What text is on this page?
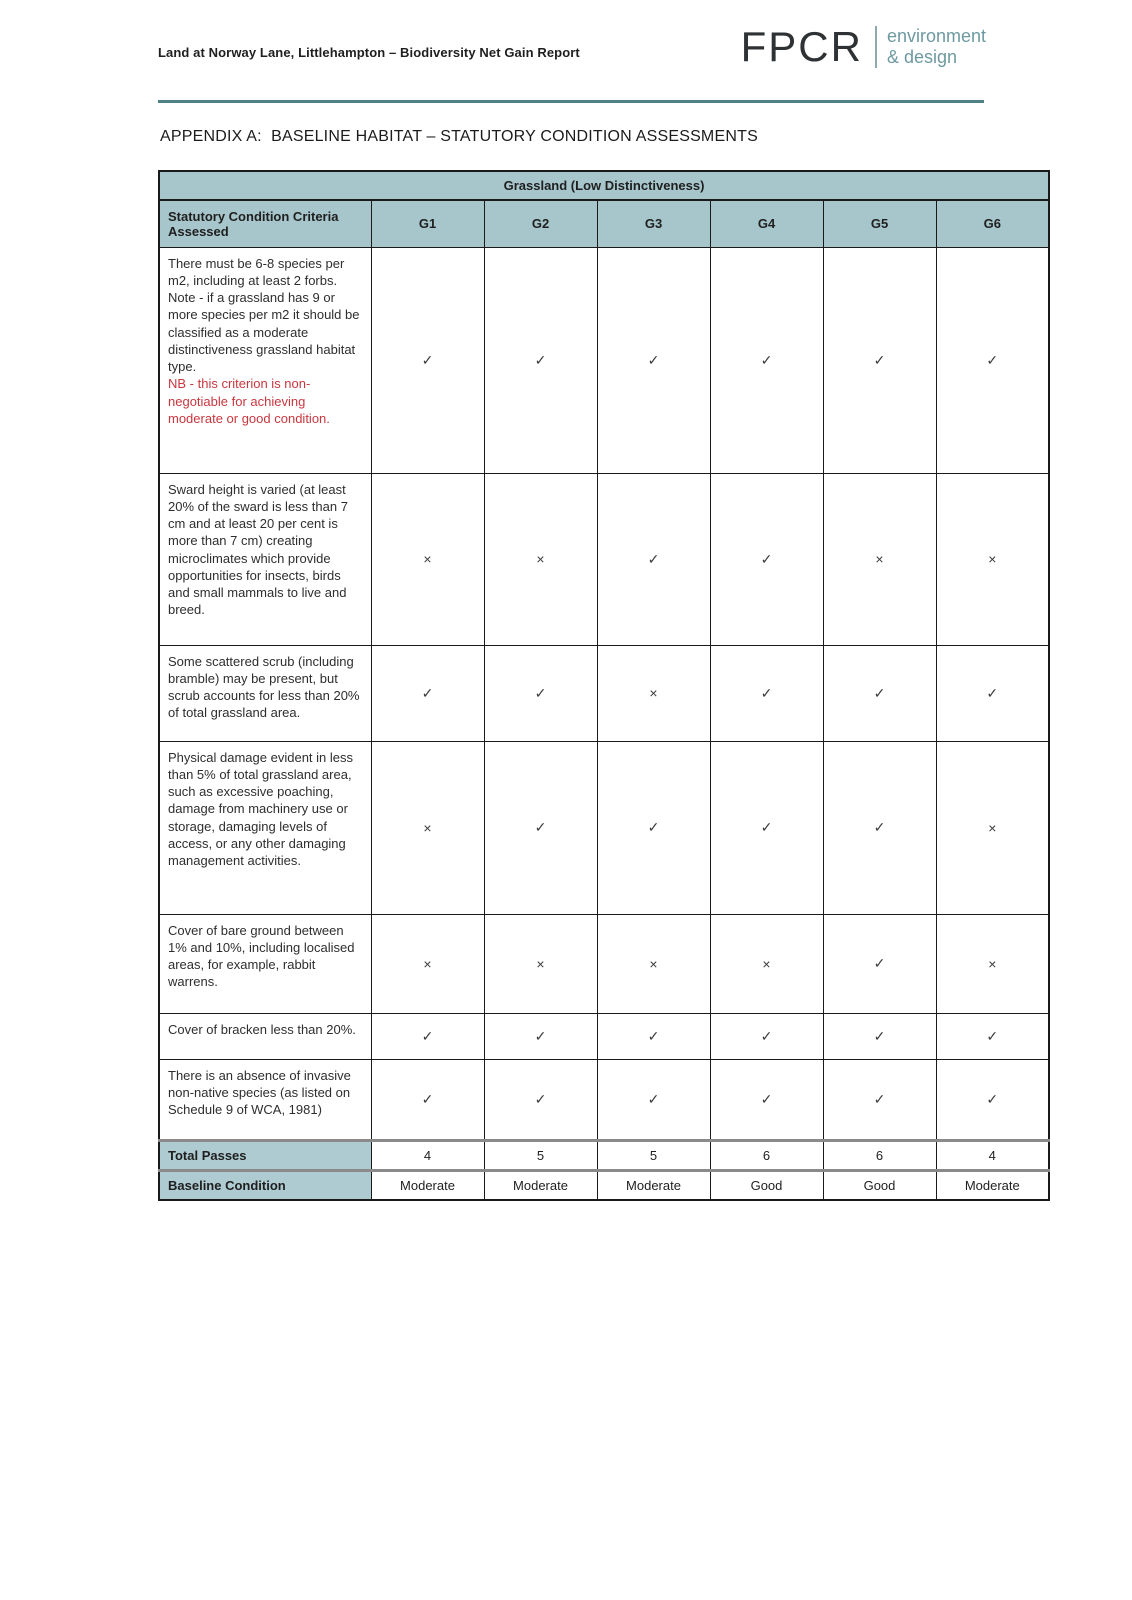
Land at Norway Lane, Littlehampton – Biodiversity Net Gain Report	FPCR environment
& design
APPENDIX A:  BASELINE HABITAT – STATUTORY CONDITION ASSESSMENTS
Grassland (Low Distinctiveness)						
Statutory Condition Criteria Assessed	G1	G2	G3	G4	G5	G6
There must be 6-8 species per m2, including at least 2 forbs. Note - if a grassland has 9 or more species per m2 it should be classified as a moderate distinctiveness grassland habitat type.
NB - this criterion is non-negotiable for achieving moderate or good condition.	✓	✓	✓	✓	✓	✓
Sward height is varied (at least 20% of the sward is less than 7 cm and at least 20 per cent is more than 7 cm) creating microclimates which provide opportunities for insects, birds and small mammals to live and breed.	×	×	✓	✓	×	×
Some scattered scrub (including bramble) may be present, but scrub accounts for less than 20% of total grassland area.	✓	✓	×	✓	✓	✓
Physical damage evident in less than 5% of total grassland area, such as excessive poaching, damage from machinery use or storage, damaging levels of access, or any other damaging management activities.	×	✓	✓	✓	✓	×
Cover of bare ground between 1% and 10%, including localised areas, for example, rabbit warrens.	×	×	×	×	✓	×
Cover of bracken less than 20%.	✓	✓	✓	✓	✓	✓
There is an absence of invasive non-native species (as listed on Schedule 9 of WCA, 1981)	✓	✓	✓	✓	✓	✓
Total Passes	4	5	5	6	6	4
Baseline Condition	Moderate	Moderate	Moderate	Good	Good	Moderate
